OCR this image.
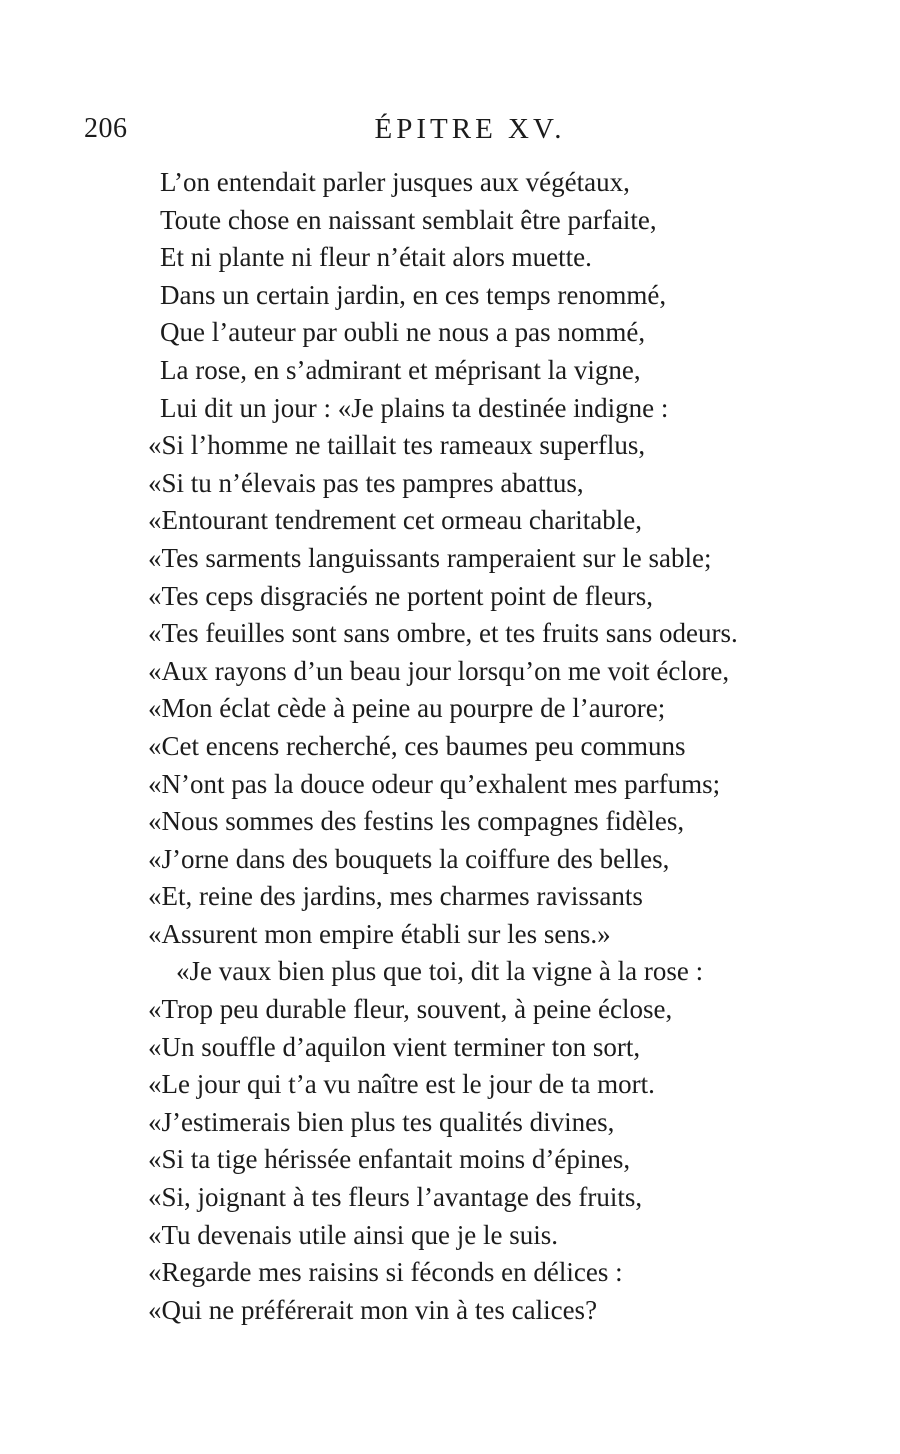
206	ÉPITRE XV.
L’on entendait parler jusques aux végétaux,
Toute chose en naissant semblait être parfaite,
Et ni plante ni fleur n’était alors muette.
Dans un certain jardin, en ces temps renommé,
Que l’auteur par oubli ne nous a pas nommé,
La rose, en s’admirant et méprisant la vigne,
Lui dit un jour : «Je plains ta destinée indigne :
«Si l’homme ne taillait tes rameaux superflus,
«Si tu n’élevais pas tes pampres abattus,
«Entourant tendrement cet ormeau charitable,
«Tes sarments languissants ramperaient sur le sable;
«Tes ceps disgraciés ne portent point de fleurs,
«Tes feuilles sont sans ombre, et tes fruits sans odeurs.
«Aux rayons d’un beau jour lorsqu’on me voit éclore,
«Mon éclat cède à peine au pourpre de l’aurore;
«Cet encens recherché, ces baumes peu communs
«N’ont pas la douce odeur qu’exhalent mes parfums;
«Nous sommes des festins les compagnes fidèles,
«J’orne dans des bouquets la coiffure des belles,
«Et, reine des jardins, mes charmes ravissants
«Assurent mon empire établi sur les sens.»
«Je vaux bien plus que toi, dit la vigne à la rose :
«Trop peu durable fleur, souvent, à peine éclose,
«Un souffle d’aquilon vient terminer ton sort,
«Le jour qui t’a vu naître est le jour de ta mort.
«J’estimerais bien plus tes qualités divines,
«Si ta tige hérissée enfantait moins d’épines,
«Si, joignant à tes fleurs l’avantage des fruits,
«Tu devenais utile ainsi que je le suis.
«Regarde mes raisins si féconds en délices :
«Qui ne préférerait mon vin à tes calices?
